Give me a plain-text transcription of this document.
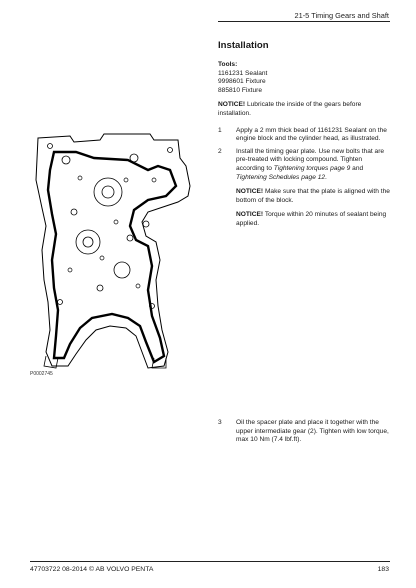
21-5 Timing Gears and Shaft
P0002745
Installation
Tools:
1161231 Sealant
9998601 Fixture
885810 Fixture
NOTICE! Lubricate the inside of the gears before installation.
1 Apply a 2 mm thick bead of 1161231 Sealant on the engine block and the cylinder head, as illustrated.
2 Install the timing gear plate. Use new bolts that are pre-treated with locking compound. Tighten according to Tightening torques page 9 and Tightening Schedules page 12.
NOTICE! Make sure that the plate is aligned with the bottom of the block.
NOTICE! Torque within 20 minutes of sealant being applied.
3 Oil the spacer plate and place it together with the upper intermediate gear (2). Tighten with low torque, max 10 Nm (7.4 lbf.ft).
47703722 08-2014 © AB VOLVO PENTA	183
